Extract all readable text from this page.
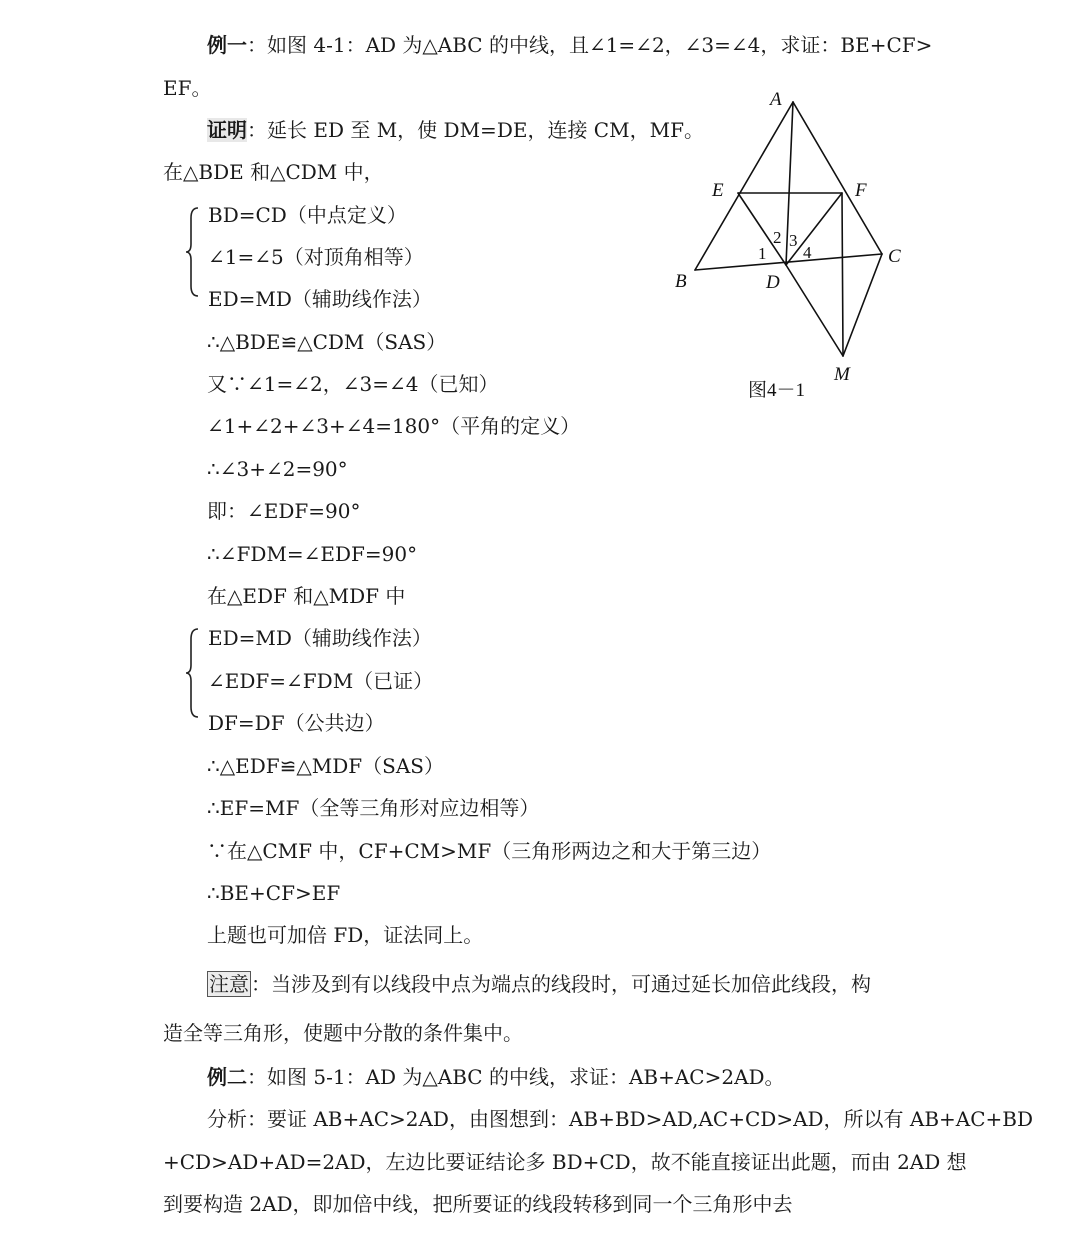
例一：如图 4-1：AD 为△ABC 的中线，且∠1=∠2，∠3=∠4，求证：BE+CF>
EF。
证明：延长 ED 至 M，使 DM=DE，连接 CM，MF。
在△BDE 和△CDM 中，
BD=CD（中点定义）
∠1=∠5（对顶角相等）
ED=MD（辅助线作法）
∴△BDE≌△CDM（SAS）
又∵∠1=∠2，∠3=∠4（已知）
∠1+∠2+∠3+∠4=180°（平角的定义）
∴∠3+∠2=90°
即：∠EDF=90°
∴∠FDM=∠EDF=90°
在△EDF 和△MDF 中
ED=MD（辅助线作法）
∠EDF=∠FDM（已证）
DF=DF（公共边）
∴△EDF≌△MDF（SAS）
∴EF=MF（全等三角形对应边相等）
∵在△CMF 中，CF+CM>MF（三角形两边之和大于第三边）
∴BE+CF>EF
上题也可加倍 FD，证法同上。
注意 ：当涉及到有以线段中点为端点的线段时，可通过延长加倍此线段，构
造全等三角形，使题中分散的条件集中。
例二：如图 5-1：AD 为△ABC 的中线，求证：AB+AC>2AD。
分析：要证 AB+AC>2AD，由图想到：AB+BD>AD,AC+CD>AD，所以有 AB+AC+BD
+CD>AD+AD=2AD，左边比要证结论多 BD+CD，故不能直接证出此题，而由 2AD 想
到要构造 2AD，即加倍中线，把所要证的线段转移到同一个三角形中去
A
E	F
B	D
C
M
1
2 3
4
图4－1
